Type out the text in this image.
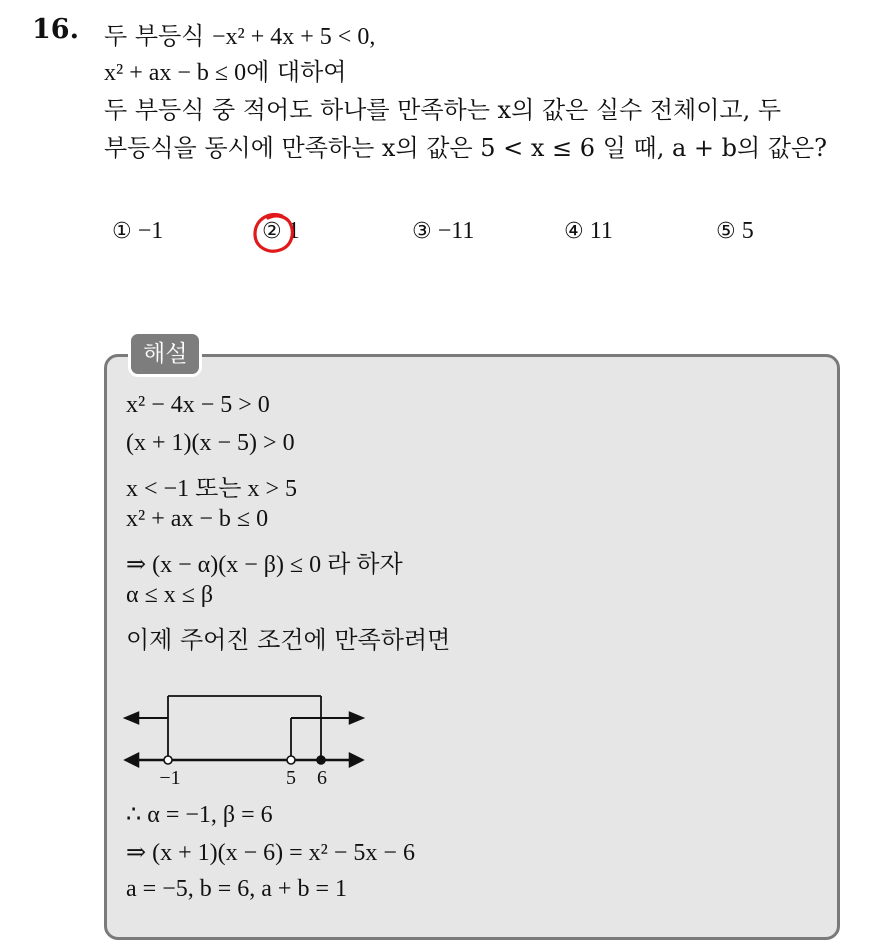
16. 두 부등식 −x² + 4x + 5 < 0,
x² + ax − b ≤ 0에 대하여
두 부등식 중 적어도 하나를 만족하는 x의 값은 실수 전체이고, 두
부등식을 동시에 만족하는 x의 값은 5 < x ≤ 6 일 때, a + b의 값은?
① −1	② 1	③ −11	④ 11	⑤ 5
해설
x² − 4x − 5 > 0
(x + 1)(x − 5) > 0
x < −1 또는 x > 5
x² + ax − b ≤ 0
⇒ (x − α)(x − β) ≤ 0 라 하자
α ≤ x ≤ β
이제 주어진 조건에 만족하려면
−1	5 6
∴ α = −1, β = 6
⇒ (x + 1)(x − 6) = x² − 5x − 6
a = −5, b = 6, a + b = 1
